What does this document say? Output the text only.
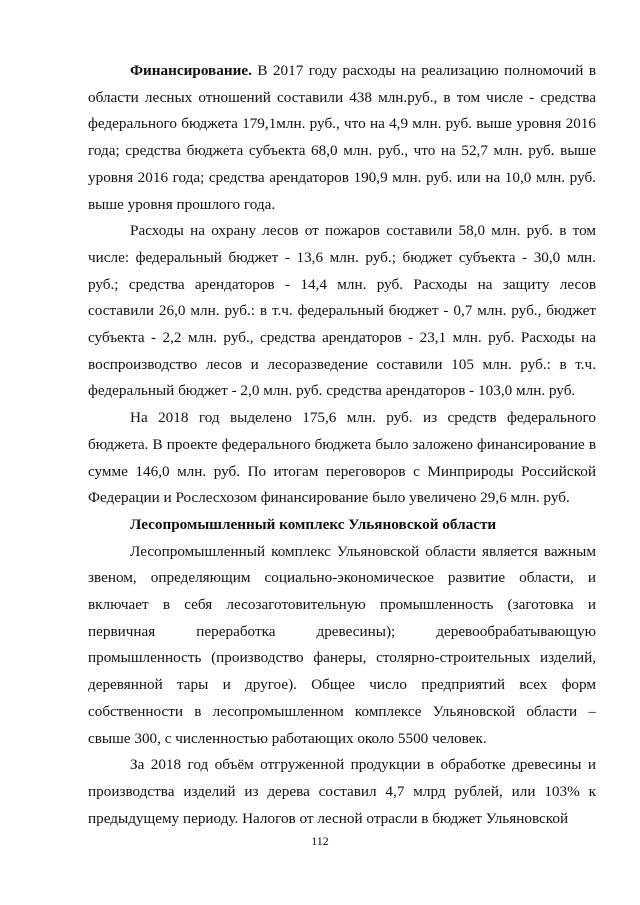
Финансирование. В 2017 году расходы на реализацию полномочий в области лесных отношений составили 438 млн.руб., в том числе - средства федерального бюджета 179,1млн. руб., что на 4,9 млн. руб. выше уровня 2016 года; средства бюджета субъекта 68,0 млн. руб., что на 52,7 млн. руб. выше уровня 2016 года; средства арендаторов 190,9 млн. руб. или на 10,0 млн. руб. выше уровня прошлого года.

Расходы на охрану лесов от пожаров составили 58,0 млн. руб. в том числе: федеральный бюджет - 13,6 млн. руб.; бюджет субъекта - 30,0 млн. руб.; средства арендаторов - 14,4 млн. руб. Расходы на защиту лесов составили 26,0 млн. руб.: в т.ч. федеральный бюджет - 0,7 млн. руб., бюджет субъекта - 2,2 млн. руб., средства арендаторов - 23,1 млн. руб. Расходы на воспроизводство лесов и лесоразведение составили 105 млн. руб.: в т.ч. федеральный бюджет - 2,0 млн. руб. средства арендаторов - 103,0 млн. руб.

На 2018 год выделено 175,6 млн. руб. из средств федерального бюджета. В проекте федерального бюджета было заложено финансирование в сумме 146,0 млн. руб. По итогам переговоров с Минприроды Российской Федерации и Рослесхозом финансирование было увеличено 29,6 млн. руб.

Лесопромышленный комплекс Ульяновской области

Лесопромышленный комплекс Ульяновской области является важным звеном, определяющим социально-экономическое развитие области, и включает в себя лесозаготовительную промышленность (заготовка и первичная переработка древесины); деревообрабатывающую промышленность (производство фанеры, столярно-строительных изделий, деревянной тары и другое). Общее число предприятий всех форм собственности в лесопромышленном комплексе Ульяновской области – свыше 300, с численностью работающих около 5500 человек.

За 2018 год объём отгруженной продукции в обработке древесины и производства изделий из дерева составил 4,7 млрд рублей, или 103% к предыдущему периоду. Налогов от лесной отрасли в бюджет Ульяновской

112
